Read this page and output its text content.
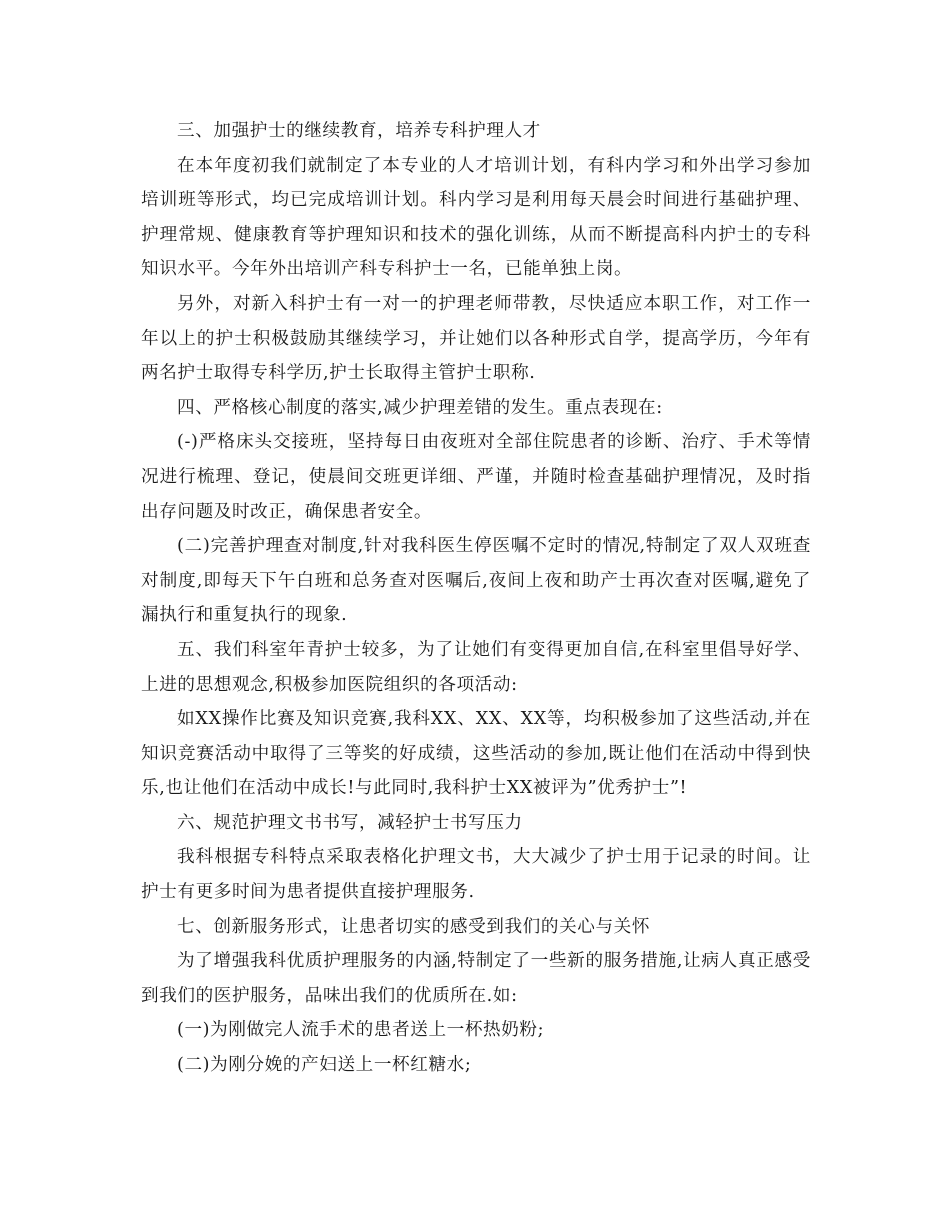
三、加强护士的继续教育，培养专科护理人才

在本年度初我们就制定了本专业的人才培训计划，有科内学习和外出学习参加培训班等形式，均已完成培训计划。科内学习是利用每天晨会时间进行基础护理、护理常规、健康教育等护理知识和技术的强化训练，从而不断提高科内护士的专科知识水平。今年外出培训产科专科护士一名，已能单独上岗。

另外，对新入科护士有一对一的护理老师带教，尽快适应本职工作，对工作一年以上的护士积极鼓励其继续学习，并让她们以各种形式自学，提高学历，今年有两名护士取得专科学历,护士长取得主管护士职称.

四、严格核心制度的落实,减少护理差错的发生。重点表现在:

(-)严格床头交接班，坚持每日由夜班对全部住院患者的诊断、治疗、手术等情况进行梳理、登记，使晨间交班更详细、严谨，并随时检查基础护理情况，及时指出存问题及时改正，确保患者安全。

(二)完善护理查对制度,针对我科医生停医嘱不定时的情况,特制定了双人双班查对制度,即每天下午白班和总务查对医嘱后,夜间上夜和助产士再次查对医嘱,避免了漏执行和重复执行的现象.

五、我们科室年青护士较多，为了让她们有变得更加自信,在科室里倡导好学、上进的思想观念,积极参加医院组织的各项活动:

如XX操作比赛及知识竞赛,我科XX、XX、XX等，均积极参加了这些活动,并在知识竞赛活动中取得了三等奖的好成绩，这些活动的参加,既让他们在活动中得到快乐,也让他们在活动中成长!与此同时,我科护士XX被评为”优秀护士”!

六、规范护理文书书写，减轻护士书写压力

我科根据专科特点采取表格化护理文书，大大减少了护士用于记录的时间。让护士有更多时间为患者提供直接护理服务.

七、创新服务形式，让患者切实的感受到我们的关心与关怀

为了增强我科优质护理服务的内涵,特制定了一些新的服务措施,让病人真正感受到我们的医护服务，品味出我们的优质所在.如:

(一)为刚做完人流手术的患者送上一杯热奶粉;

(二)为刚分娩的产妇送上一杯红糖水;
